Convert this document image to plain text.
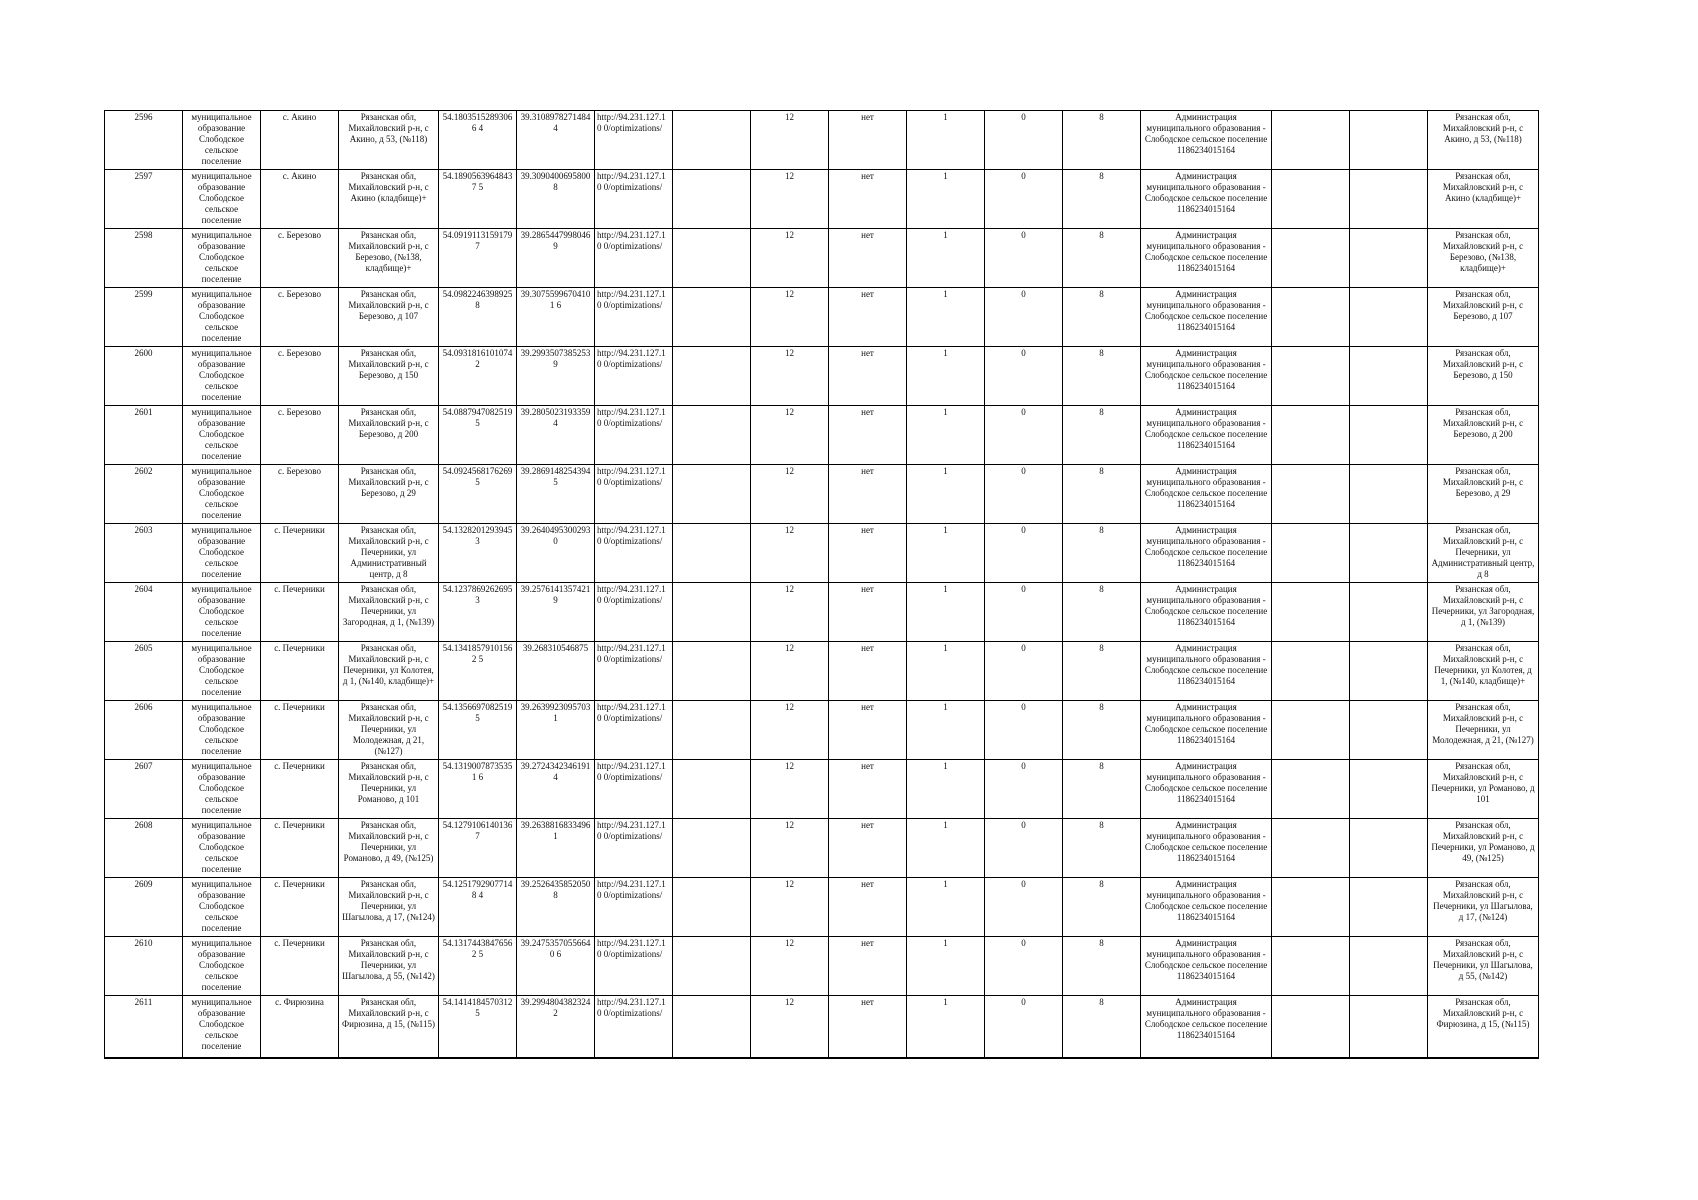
2596	муниципальное образование Слободское сельское поселение	с. Акино	Рязанская обл, Михайловский р-н, с Акино, д 53, (№118)	54.18035152893066 4	39.31089782714844	http://94.231.127.10 0/optimizations/		12	нет	1	0	8	Администрация муниципального образования - Слободское сельское поселение 1186234015164			Рязанская обл, Михайловский р-н, с Акино, д 53, (№118)
2597	муниципальное образование Слободское сельское поселение	с. Акино	Рязанская обл, Михайловский р-н, с Акино (кладбище)+	54.18905639648437 5	39.30904006958008	http://94.231.127.10 0/optimizations/		12	нет	1	0	8	Администрация муниципального образования - Слободское сельское поселение 1186234015164			Рязанская обл, Михайловский р-н, с Акино (кладбище)+
2598	муниципальное образование Слободское сельское поселение	с. Березово	Рязанская обл, Михайловский р-н, с Березово, (№138, кладбище)+	54.09191131591797	39.28654479980469	http://94.231.127.10 0/optimizations/		12	нет	1	0	8	Администрация муниципального образования - Слободское сельское поселение 1186234015164			Рязанская обл, Михайловский р-н, с Березово, (№138, кладбище)+
2599	муниципальное образование Слободское сельское поселение	с. Березово	Рязанская обл, Михайловский р-н, с Березово, д 107	54.09822463989258	39.30755996704101 6	http://94.231.127.10 0/optimizations/		12	нет	1	0	8	Администрация муниципального образования - Слободское сельское поселение 1186234015164			Рязанская обл, Михайловский р-н, с Березово, д 107
2600	муниципальное образование Слободское сельское поселение	с. Березово	Рязанская обл, Михайловский р-н, с Березово, д 150	54.09318161010742	39.29935073852539	http://94.231.127.10 0/optimizations/		12	нет	1	0	8	Администрация муниципального образования - Слободское сельское поселение 1186234015164			Рязанская обл, Михайловский р-н, с Березово, д 150
2601	муниципальное образование Слободское сельское поселение	с. Березово	Рязанская обл, Михайловский р-н, с Березово, д 200	54.08879470825195	39.28050231933594	http://94.231.127.10 0/optimizations/		12	нет	1	0	8	Администрация муниципального образования - Слободское сельское поселение 1186234015164			Рязанская обл, Михайловский р-н, с Березово, д 200
2602	муниципальное образование Слободское сельское поселение	с. Березово	Рязанская обл, Михайловский р-н, с Березово, д 29	54.09245681762695	39.28691482543945	http://94.231.127.10 0/optimizations/		12	нет	1	0	8	Администрация муниципального образования - Слободское сельское поселение 1186234015164			Рязанская обл, Михайловский р-н, с Березово, д 29
2603	муниципальное образование Слободское сельское поселение	с. Печерники	Рязанская обл, Михайловский р-н, с Печерники, ул Административный центр, д 8	54.13282012939453	39.26404953002930	http://94.231.127.10 0/optimizations/		12	нет	1	0	8	Администрация муниципального образования - Слободское сельское поселение 1186234015164			Рязанская обл, Михайловский р-н, с Печерники, ул Административный центр, д 8
2604	муниципальное образование Слободское сельское поселение	с. Печерники	Рязанская обл, Михайловский р-н, с Печерники, ул Загородная, д 1, (№139)	54.12378692626953	39.25761413574219	http://94.231.127.10 0/optimizations/		12	нет	1	0	8	Администрация муниципального образования - Слободское сельское поселение 1186234015164			Рязанская обл, Михайловский р-н, с Печерники, ул Загородная, д 1, (№139)
2605	муниципальное образование Слободское сельское поселение	с. Печерники	Рязанская обл, Михайловский р-н, с Печерники, ул Колотея, д 1, (№140, кладбище)+	54.13418579101562 5	39.268310546875	http://94.231.127.10 0/optimizations/		12	нет	1	0	8	Администрация муниципального образования - Слободское сельское поселение 1186234015164			Рязанская обл, Михайловский р-н, с Печерники, ул Колотея, д 1, (№140, кладбище)+
2606	муниципальное образование Слободское сельское поселение	с. Печерники	Рязанская обл, Михайловский р-н, с Печерники, ул Молодежная, д 21, (№127)	54.13566970825195	39.26399230957031	http://94.231.127.10 0/optimizations/		12	нет	1	0	8	Администрация муниципального образования - Слободское сельское поселение 1186234015164			Рязанская обл, Михайловский р-н, с Печерники, ул Молодежная, д 21, (№127)
2607	муниципальное образование Слободское сельское поселение	с. Печерники	Рязанская обл, Михайловский р-н, с Печерники, ул Романово, д 101	54.13190078735351 6	39.27243423461914	http://94.231.127.10 0/optimizations/		12	нет	1	0	8	Администрация муниципального образования - Слободское сельское поселение 1186234015164			Рязанская обл, Михайловский р-н, с Печерники, ул Романово, д 101
2608	муниципальное образование Слободское сельское поселение	с. Печерники	Рязанская обл, Михайловский р-н, с Печерники, ул Романово, д 49, (№125)	54.12791061401367	39.26388168334961	http://94.231.127.10 0/optimizations/		12	нет	1	0	8	Администрация муниципального образования - Слободское сельское поселение 1186234015164			Рязанская обл, Михайловский р-н, с Печерники, ул Романово, д 49, (№125)
2609	муниципальное образование Слободское сельское поселение	с. Печерники	Рязанская обл, Михайловский р-н, с Печерники, ул Шагылова, д 17, (№124)	54.12517929077148 4	39.25264358520508	http://94.231.127.10 0/optimizations/		12	нет	1	0	8	Администрация муниципального образования - Слободское сельское поселение 1186234015164			Рязанская обл, Михайловский р-н, с Печерники, ул Шагылова, д 17, (№124)
2610	муниципальное образование Слободское сельское поселение	с. Печерники	Рязанская обл, Михайловский р-н, с Печерники, ул Шагылова, д 55, (№142)	54.13174438476562 5	39.24753570556640 6	http://94.231.127.10 0/optimizations/		12	нет	1	0	8	Администрация муниципального образования - Слободское сельское поселение 1186234015164			Рязанская обл, Михайловский р-н, с Печерники, ул Шагылова, д 55, (№142)
2611	муниципальное образование Слободское сельское поселение	с. Фирюзина	Рязанская обл, Михайловский р-н, с Фирюзина, д 15, (№115)	54.14141845703125	39.29948043823242	http://94.231.127.10 0/optimizations/		12	нет	1	0	8	Администрация муниципального образования - Слободское сельское поселение 1186234015164			Рязанская обл, Михайловский р-н, с Фирюзина, д 15, (№115)
